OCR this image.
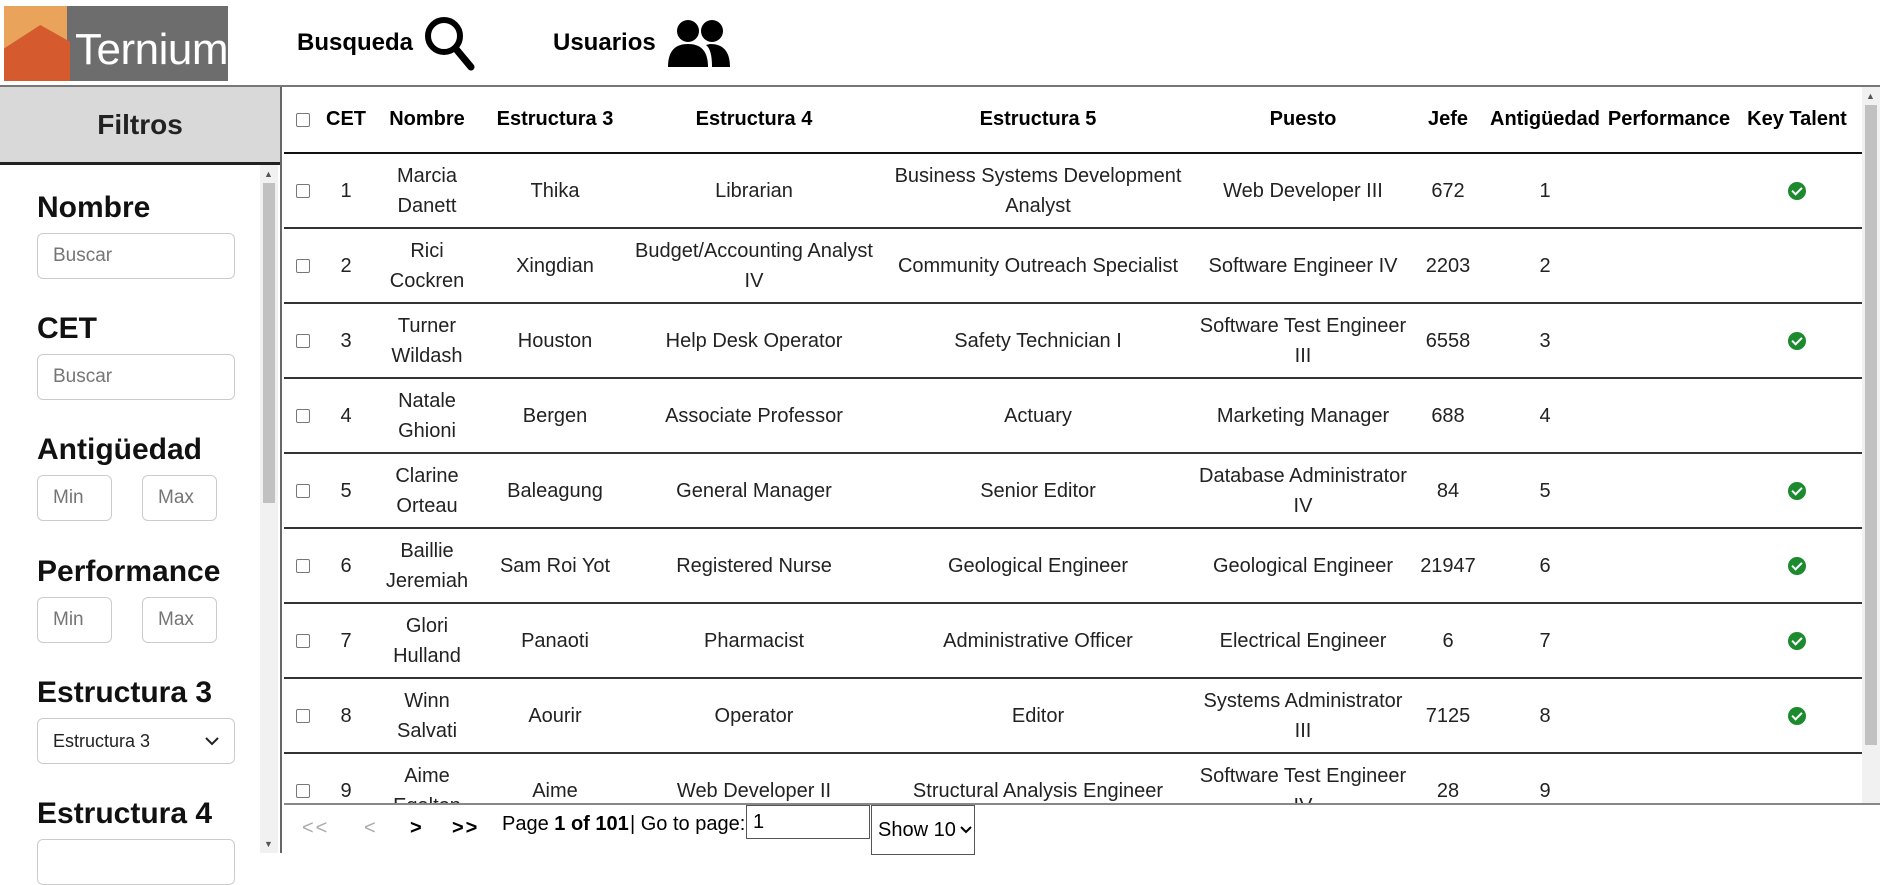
Ternium	Busqueda	Usuarios
Filtros
Nombre
Buscar
CET
Buscar
Antigüedad
Min
Max
Performance
Min
Max
Estructura 3
Estructura 3
Estructura 4
▲
▼
	CET	Nombre	Estructura 3	Estructura 4	Estructura 5	Puesto	Jefe	Antigüedad	Performance	Key Talent
	1	Marcia Danett	Thika	Librarian	Business Systems Development Analyst	Web Developer III	672	1		
	2	Rici Cockren	Xingdian	Budget/Accounting Analyst IV	Community Outreach Specialist	Software Engineer IV	2203	2		
	3	Turner Wildash	Houston	Help Desk Operator	Safety Technician I	Software Test Engineer III	6558	3		
	4	Natale Ghioni	Bergen	Associate Professor	Actuary	Marketing Manager	688	4		
	5	Clarine Orteau	Baleagung	General Manager	Senior Editor	Database Administrator IV	84	5		
	6	Baillie Jeremiah	Sam Roi Yot	Registered Nurse	Geological Engineer	Geological Engineer	21947	6		
	7	Glori Hulland	Panaoti	Pharmacist	Administrative Officer	Electrical Engineer	6	7		
	8	Winn Salvati	Aourir	Operator	Editor	Systems Administrator III	7125	8		
	9	Aime	Aime	Web Developer II	Structural Analysis Engineer	Software Test Engineer	28	9		
▲
<< < > >> Page 1 of 101 | Go to page:
1	Show 10
